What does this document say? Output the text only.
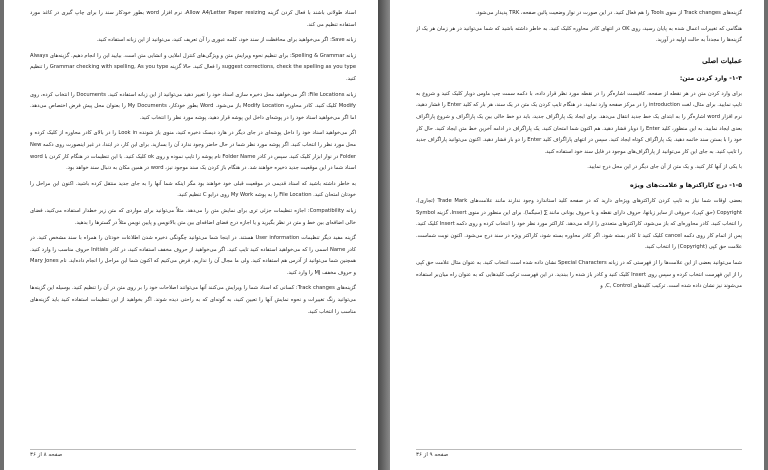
اسناد طولانی باشند با فعال کردن گزینه Allow A4/Letter Paper resizing، نرم افزار word بطور خودکار سند را برای چاپ گیری در کاغذ مورد استفاده تنظیم می کند.

زبانه Save: اگر می‌خواهید برای محافظت از سند خود، کلمه عبوری را آن تعریف کنید، می‌توانید از این زبانه استفاده کنید.

زبانه Spelling & Grammar: برای تنظیم نحوه ویرایش متن و ویژگی‌های کنترل املایی و انشایی متن است. بیایید این را انجام دهیم. گزینه‌های Always suggest corrections, check the spelling as you type را فعال کنید. حالا گزینه Grammar checking with spelling, As you type را تنظیم کنید.

زبانه File Locations: اگر می‌خواهید محل ذخیره سازی اسناد خود را تغییر دهید می‌توانید از این زبانه استفاده کنید. Documents را انتخاب کرده، روی Modify کلیک کنید. کادر محاوره Modify Location باز می‌شود. Word بطور خودکار، My Documents را بعنوان محل پیش فرض اختصاص می‌دهد. اما اگر می‌خواهید اسناد خود را در پوشه‌ای داخل این پوشه قرار دهید، پوشه مورد نظر را انتخاب کنید.

اگر می‌خواهید اسناد خود را داخل پوشه‌ای در جای دیگر در هارد دیسک ذخیره کنید، منوی باز شونده Look in را در بالای کادر محاوره از کلیک کرده و محل مورد نظر را انتخاب کنید. اگر پوشه مورد نظر شما در حال حاضر وجود ندارد آن را بسازید. برای این کار، در ابتدا، در غیر اینصورت روی دکمه New Folder در نوار ابزار کلیک کنید. سپس در کادر Folder Name نام پوشه را تایپ نموده و روی ok کلیک کنید. با این تنظیمات در هنگام کار کردن با word اسناد شما در این موقعیت جدید ذخیره خواهند شد. در هنگام باز کردن یک سند موجود نیز، word در همین مکان به دنبال سند خواهد بود.

به خاطر داشته باشید که اسناد قدیمی در موقعیت قبلی خود خواهند بود مگر اینکه شما آنها را به جای جدید منتقل کرده باشید. اکنون این مراحل را خودتان امتحان کنید. File Location را به پوشه My Work روی درایو C تنظیم کنید.

زبانه Compatibility: اجازه تنظیمات جزئی تری برای نمایش متن را می‌دهد. مثلاً می‌توانید برای مواردی که متن زیر خطدار استفاده می‌کنید، فضای خالی اضافه‌ای بین خط و متن در نظر بگیرید و یا اجازه درج فضای اضافه‌ای بین متن بالانویس و پایین نویس مثلاً در گسترها را بدهید.

گزینه مفید دیگر تنظیمات User information هستند. در اینجا شما می‌توانید چگونگی ذخیره شدن اطلاعات خودتان را همراه با سند مشخص کنید. در کادر Name اسمی را که می‌خواهید استفاده کنید تایپ کنید. اگر می‌خواهید از حروف مخفف استفاده کنید، در کادر Initials حروف مناسب را وارد کنید. همچنین شما می‌توانید از آدرس هم استفاده کنید. ولی ما مجال آن را نداریم. فرض می‌کنیم که اکنون شما این مراحل را انجام داده‌اید. نام Mary Jones و حروف مخفف MJ را وارد کنید.

گزینه‌های Track changes: کسانی که اسناد شما را ویرایش می‌کنند آنها می‌توانند اصلاحات خود را بر روی متن در آن را تنظیم کنید. بوسیله این گزینه‌ها می‌توانید رنگ تغییرات و نحوه نمایش آنها را تعیین کنید، به گونه‌ای که به راحتی دیده شوند. اگر بخواهید از این تنظیمات استفاده کنید باید گزینه‌های مناسب را انتخاب کنید.

صفحه ۸ از ۳۶

گزینه‌های Track changes از منوی Tools را هم فعال کنید. در این صورت در نوار وضعیت پائین صفحه، TRK پدیدار می‌شود.

هنگامی که تغییرات اعمال شده به پایان رسید، روی OK در انتهای کادر محاوره کلیک کنید. به خاطر داشته باشید که شما می‌توانید در هر زمان هر یک از گزینه‌ها را مجدداً به حالت اولیه در آورید.

عملیات اصلی
۱-۴- وارد کردن متن:

برای وارد کردن متن در هر نقطه از صفحه، کافیست اشاره‌گر را در نقطه مورد نظر قرار داده، با دکمه سمت چپ ماوس دوبار کلیک کنید و شروع به تایپ نمایید. برای مثال، لغت introduction را در مرکز صفحه وارد نمایید. در هنگام تایپ کردن یک متن در یک سند، هر بار که کلید Enter را فشار دهید، نرم افزار word اشاره‌گر را به ابتدای یک خط جدید انتقال می‌دهد. برای ایجاد یک پاراگراف جدید، باید دو خط خالی بین یک پاراگراف و شروع پاراگراف بعدی ایجاد نمایید. به این منظور، کلید Enter را دوبار فشار دهید. هم اکنون شما امتحان کنید. یک پاراگراف در ادامه آخرین خط متن ایجاد کنید. حال کار خود را با بستن سند خاتمه دهید. یک پاراگراف کوتاه ایجاد کنید. سپس در انتهای پاراگراف کلید Enter را دو بار فشار دهید. اکنون می‌توانید پاراگراف جدید را تایپ کنید. به جای این کار می‌توانید از پاراگراف‌های موجود در فایل سند خود استفاده کنید.

با یکی از آنها کار کنید. و یک متن از آن جای دیگر در این محل درج نمایید.

۱-۵- درج کاراکترها و علامت‌های ویژه

بعضی اوقات شما نیاز به تایپ کردن کاراکترهای ویژه‌ای دارید که در صفحه کلید استاندارد وجود ندارند مانند علامت‌های Trade Mark (تجاری)، Copyright (حق کپی)، حروفی از سایر زبانها، حروف دارای نقطه و یا حروف یونانی مانند ∑ (سیگما). برای این منظور در منوی Insert، گزینه Symbol را انتخاب کنید. کادر محاوره‌ای که باز می‌شود، کاراکترهای متعددی را ارائه می‌دهد. کاراکتر مورد نظر خود را انتخاب کرده و روی دکمه Insert کلیک کنید. پس از اتمام کار روی دکمه cancel کلیک کنید تا کادر بسته شود. اگر کادر محاوره بسته شود، کاراکتر ویژه در سند درج می‌شود. اکنون نوبت شماست. علامت حق کپی (Copyright) را انتخاب کنید.

شما می‌توانید بعضی از این علامت‌ها را از فهرستی که در زبانه Special Characters نشان داده شده است انتخاب کنید. به عنوان مثال علامت حق کپی را از این فهرست انتخاب کرده و سپس روی Insert کلیک کنید و کادر باز شده را ببندید. در این فهرست ترکیب کلیدهایی که به عنوان راه میان‌بر استفاده می‌شوند نیز نشان داده شده است. ترکیب کلیدهای C, Control, و

صفحه ۹ از ۳۶
